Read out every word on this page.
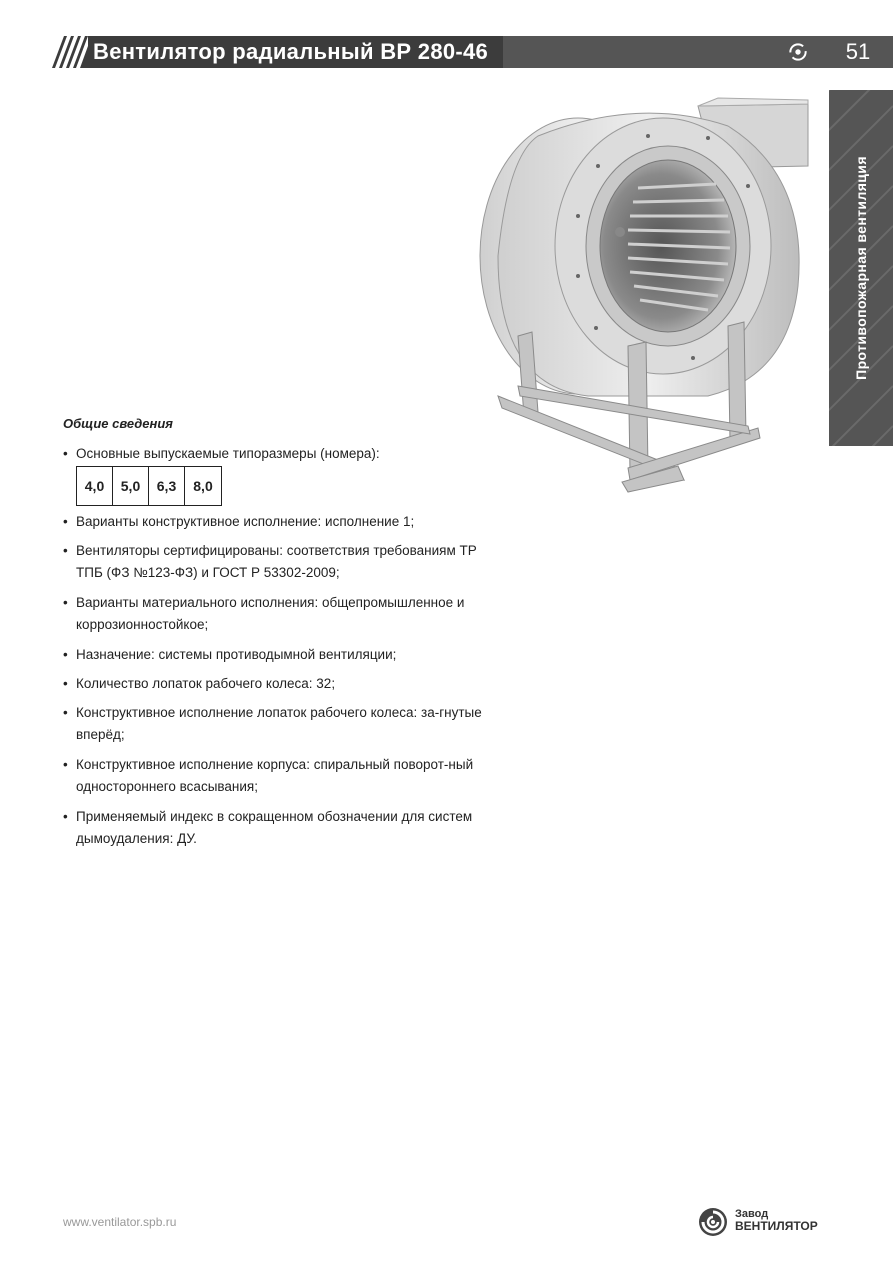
Вентилятор радиальный ВР 280-46	51
Противопожарная вентиляция
Общие сведения
• Основные выпускаемые типоразмеры (номера):
4,0	5,0	6,3	8,0
• Варианты конструктивное исполнение: исполнение 1;
• Вентиляторы сертифицированы: соответствия требованиям ТР ТПБ (ФЗ №123-ФЗ) и ГОСТ Р 53302-2009;
• Варианты материального исполнения: общепромышленное и коррозионностойкое;
• Назначение: системы противодымной вентиляции;
• Количество лопаток рабочего колеса: 32;
• Конструктивное исполнение лопаток рабочего колеса: за-гнутые вперёд;
• Конструктивное исполнение корпуса: спиральный поворот-ный одностороннего всасывания;
• Применяемый индекс в сокращенном обозначении для систем дымоудаления: ДУ.
www.ventilator.spb.ru
Завод
ВЕНТИЛЯТОР
